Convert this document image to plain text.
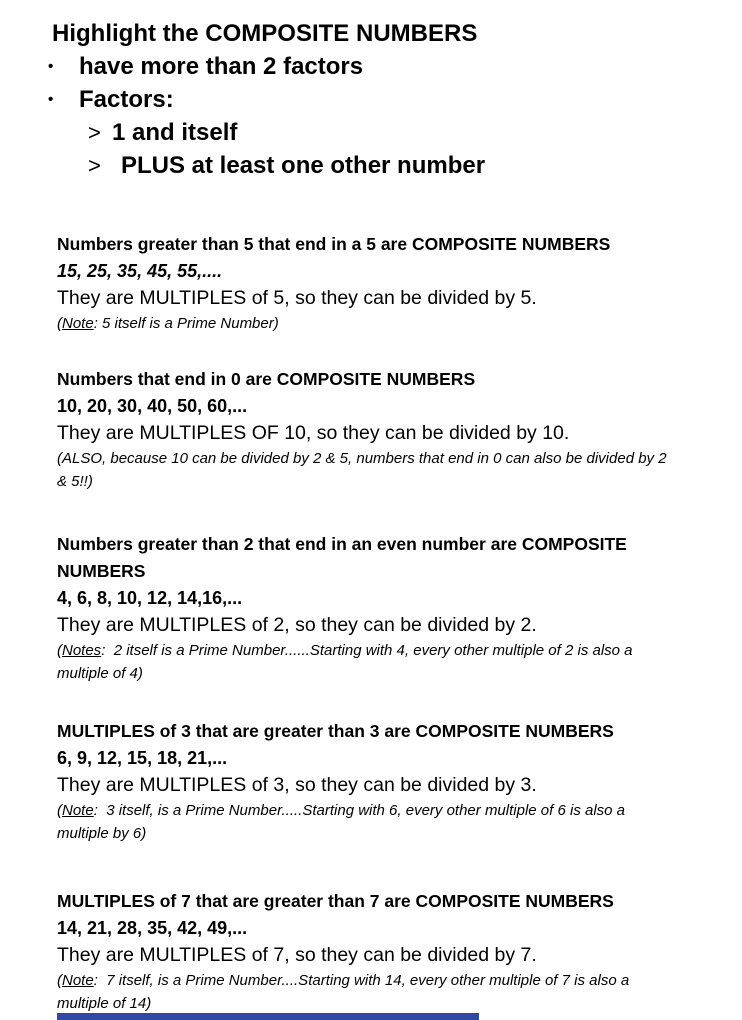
Highlight the COMPOSITE NUMBERS
•	have more than 2 factors
•	Factors:
> 1 and itself
> PLUS at least one other number
Numbers greater than 5 that end in a 5 are COMPOSITE NUMBERS

15, 25, 35, 45, 55,....

They are MULTIPLES of 5, so they can be divided by 5.

(Note: 5 itself is a Prime Number)

Numbers that end in 0 are COMPOSITE NUMBERS

10, 20, 30, 40, 50, 60,...

They are MULTIPLES OF 10, so they can be divided by 10.

(ALSO, because 10 can be divided by 2 & 5, numbers that end in 0 can also be divided by 2
& 5!!)

Numbers greater than 2 that end in an even number are COMPOSITE
NUMBERS

4, 6, 8, 10, 12, 14,16,...

They are MULTIPLES of 2, so they can be divided by 2.

(Notes:  2 itself is a Prime Number......Starting with 4, every other multiple of 2 is also a
multiple of 4)

MULTIPLES of 3 that are greater than 3 are COMPOSITE NUMBERS

6, 9, 12, 15, 18, 21,...

They are MULTIPLES of 3, so they can be divided by 3.

(Note:  3 itself, is a Prime Number.....Starting with 6, every other multiple of 6 is also a
multiple by 6)

MULTIPLES of 7 that are greater than 7 are COMPOSITE NUMBERS

14, 21, 28, 35, 42, 49,...

They are MULTIPLES of 7, so they can be divided by 7.

(Note:  7 itself, is a Prime Number....Starting with 14, every other multiple of 7 is also a
multiple of 14)
